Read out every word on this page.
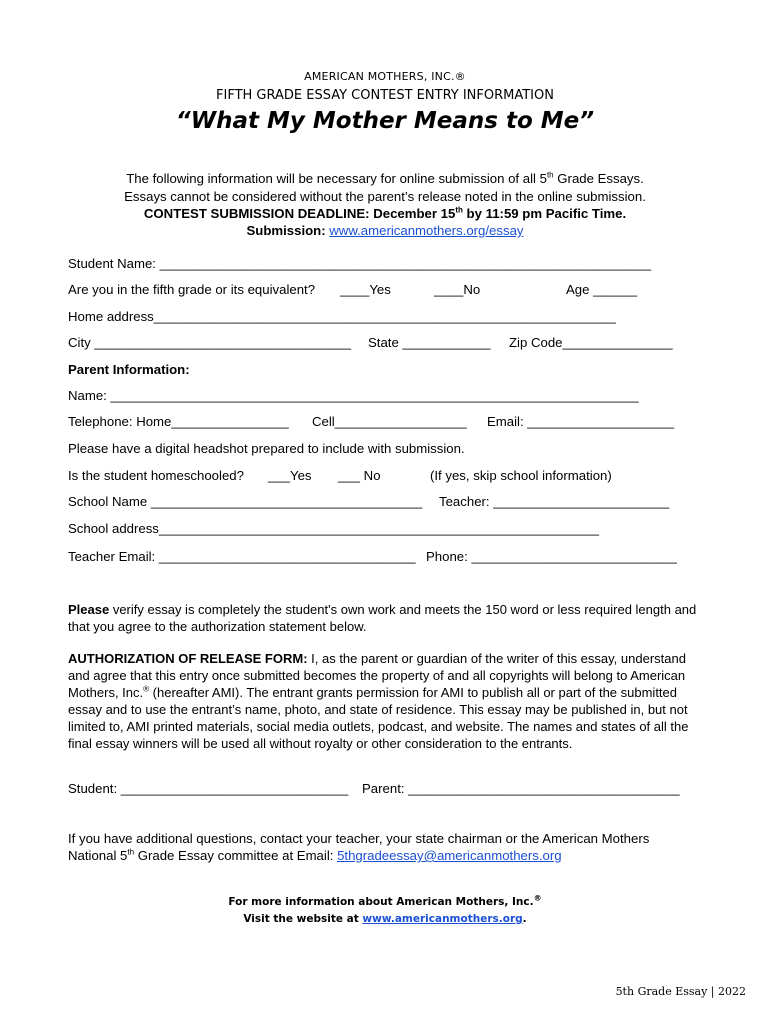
AMERICAN MOTHERS, INC.®
FIFTH GRADE ESSAY CONTEST ENTRY INFORMATION
“What My Mother Means to Me”
The following information will be necessary for online submission of all 5th Grade Essays.
Essays cannot be considered without the parent’s release noted in the online submission.
CONTEST SUBMISSION DEADLINE: December 15th by 11:59 pm Pacific Time.
Submission: www.americanmothers.org/essay
Student Name: ___________________________________________________________________
Are you in the fifth grade or its equivalent? ____Yes	____No	Age ______
Home address_______________________________________________________________
City ___________________________________ State ____________ Zip Code_______________
Parent Information:
Name: ________________________________________________________________________
Telephone: Home________________ Cell__________________ Email: ____________________
Please have a digital headshot prepared to include with submission.
Is the student homeschooled? ___Yes ___ No	(If yes, skip school information)
School Name _____________________________________ Teacher: ________________________
School address____________________________________________________________
Teacher Email: ___________________________________ Phone: ____________________________
Please verify essay is completely the student's own work and meets the 150 word or less required length and that you agree to the authorization statement below.
AUTHORIZATION OF RELEASE FORM: I, as the parent or guardian of the writer of this essay, understand and agree that this entry once submitted becomes the property of and all copyrights will belong to American Mothers, Inc.® (hereafter AMI). The entrant grants permission for AMI to publish all or part of the submitted essay and to use the entrant’s name, photo, and state of residence. This essay may be published in, but not limited to, AMI printed materials, social media outlets, podcast, and website. The names and states of all the final essay winners will be used all without royalty or other consideration to the entrants.
Student: _______________________________ Parent: _____________________________________
If you have additional questions, contact your teacher, your state chairman or the American Mothers
National 5th Grade Essay committee at Email: 5thgradeessay@americanmothers.org
For more information about American Mothers, Inc.®
Visit the website at www.americanmothers.org.
5th Grade Essay | 2022
